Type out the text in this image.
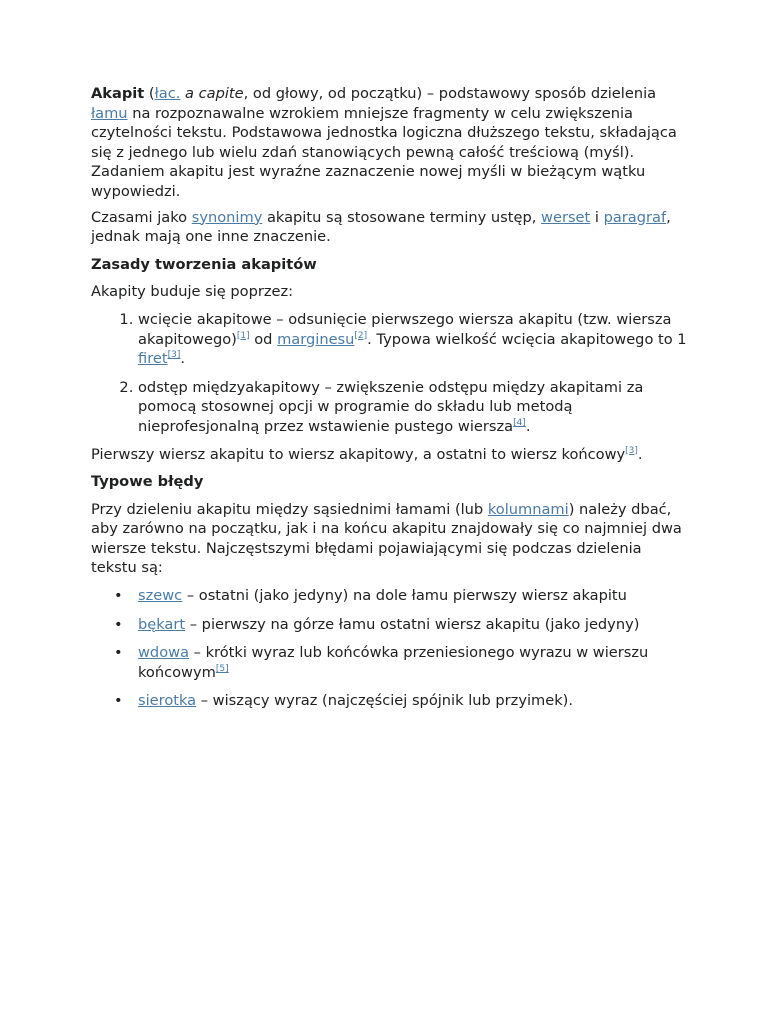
Akapit (łac. a capite, od głowy, od początku) – podstawowy sposób dzielenia łamu na rozpoznawalne wzrokiem mniejsze fragmenty w celu zwiększenia czytelności tekstu. Podstawowa jednostka logiczna dłuższego tekstu, składająca się z jednego lub wielu zdań stanowiących pewną całość treściową (myśl). Zadaniem akapitu jest wyraźne zaznaczenie nowej myśli w bieżącym wątku wypowiedzi.

Czasami jako synonimy akapitu są stosowane terminy ustęp, werset i paragraf, jednak mają one inne znaczenie.

Zasady tworzenia akapitów

Akapity buduje się poprzez:

1. wcięcie akapitowe – odsunięcie pierwszego wiersza akapitu (tzw. wiersza akapitowego)[1] od marginesu[2]. Typowa wielkość wcięcia akapitowego to 1 firet[3].
2. odstęp międzyakapitowy – zwiększenie odstępu między akapitami za pomocą stosownej opcji w programie do składu lub metodą nieprofesjonalną przez wstawienie pustego wiersza[4].

Pierwszy wiersz akapitu to wiersz akapitowy, a ostatni to wiersz końcowy[3].

Typowe błędy

Przy dzieleniu akapitu między sąsiednimi łamami (lub kolumnami) należy dbać, aby zarówno na początku, jak i na końcu akapitu znajdowały się co najmniej dwa wiersze tekstu. Najczęstszymi błędami pojawiającymi się podczas dzielenia tekstu są:

• szewc – ostatni (jako jedyny) na dole łamu pierwszy wiersz akapitu
• bękart – pierwszy na górze łamu ostatni wiersz akapitu (jako jedyny)
• wdowa – krótki wyraz lub końcówka przeniesionego wyrazu w wierszu końcowym[5]
• sierotka – wiszący wyraz (najczęściej spójnik lub przyimek).
